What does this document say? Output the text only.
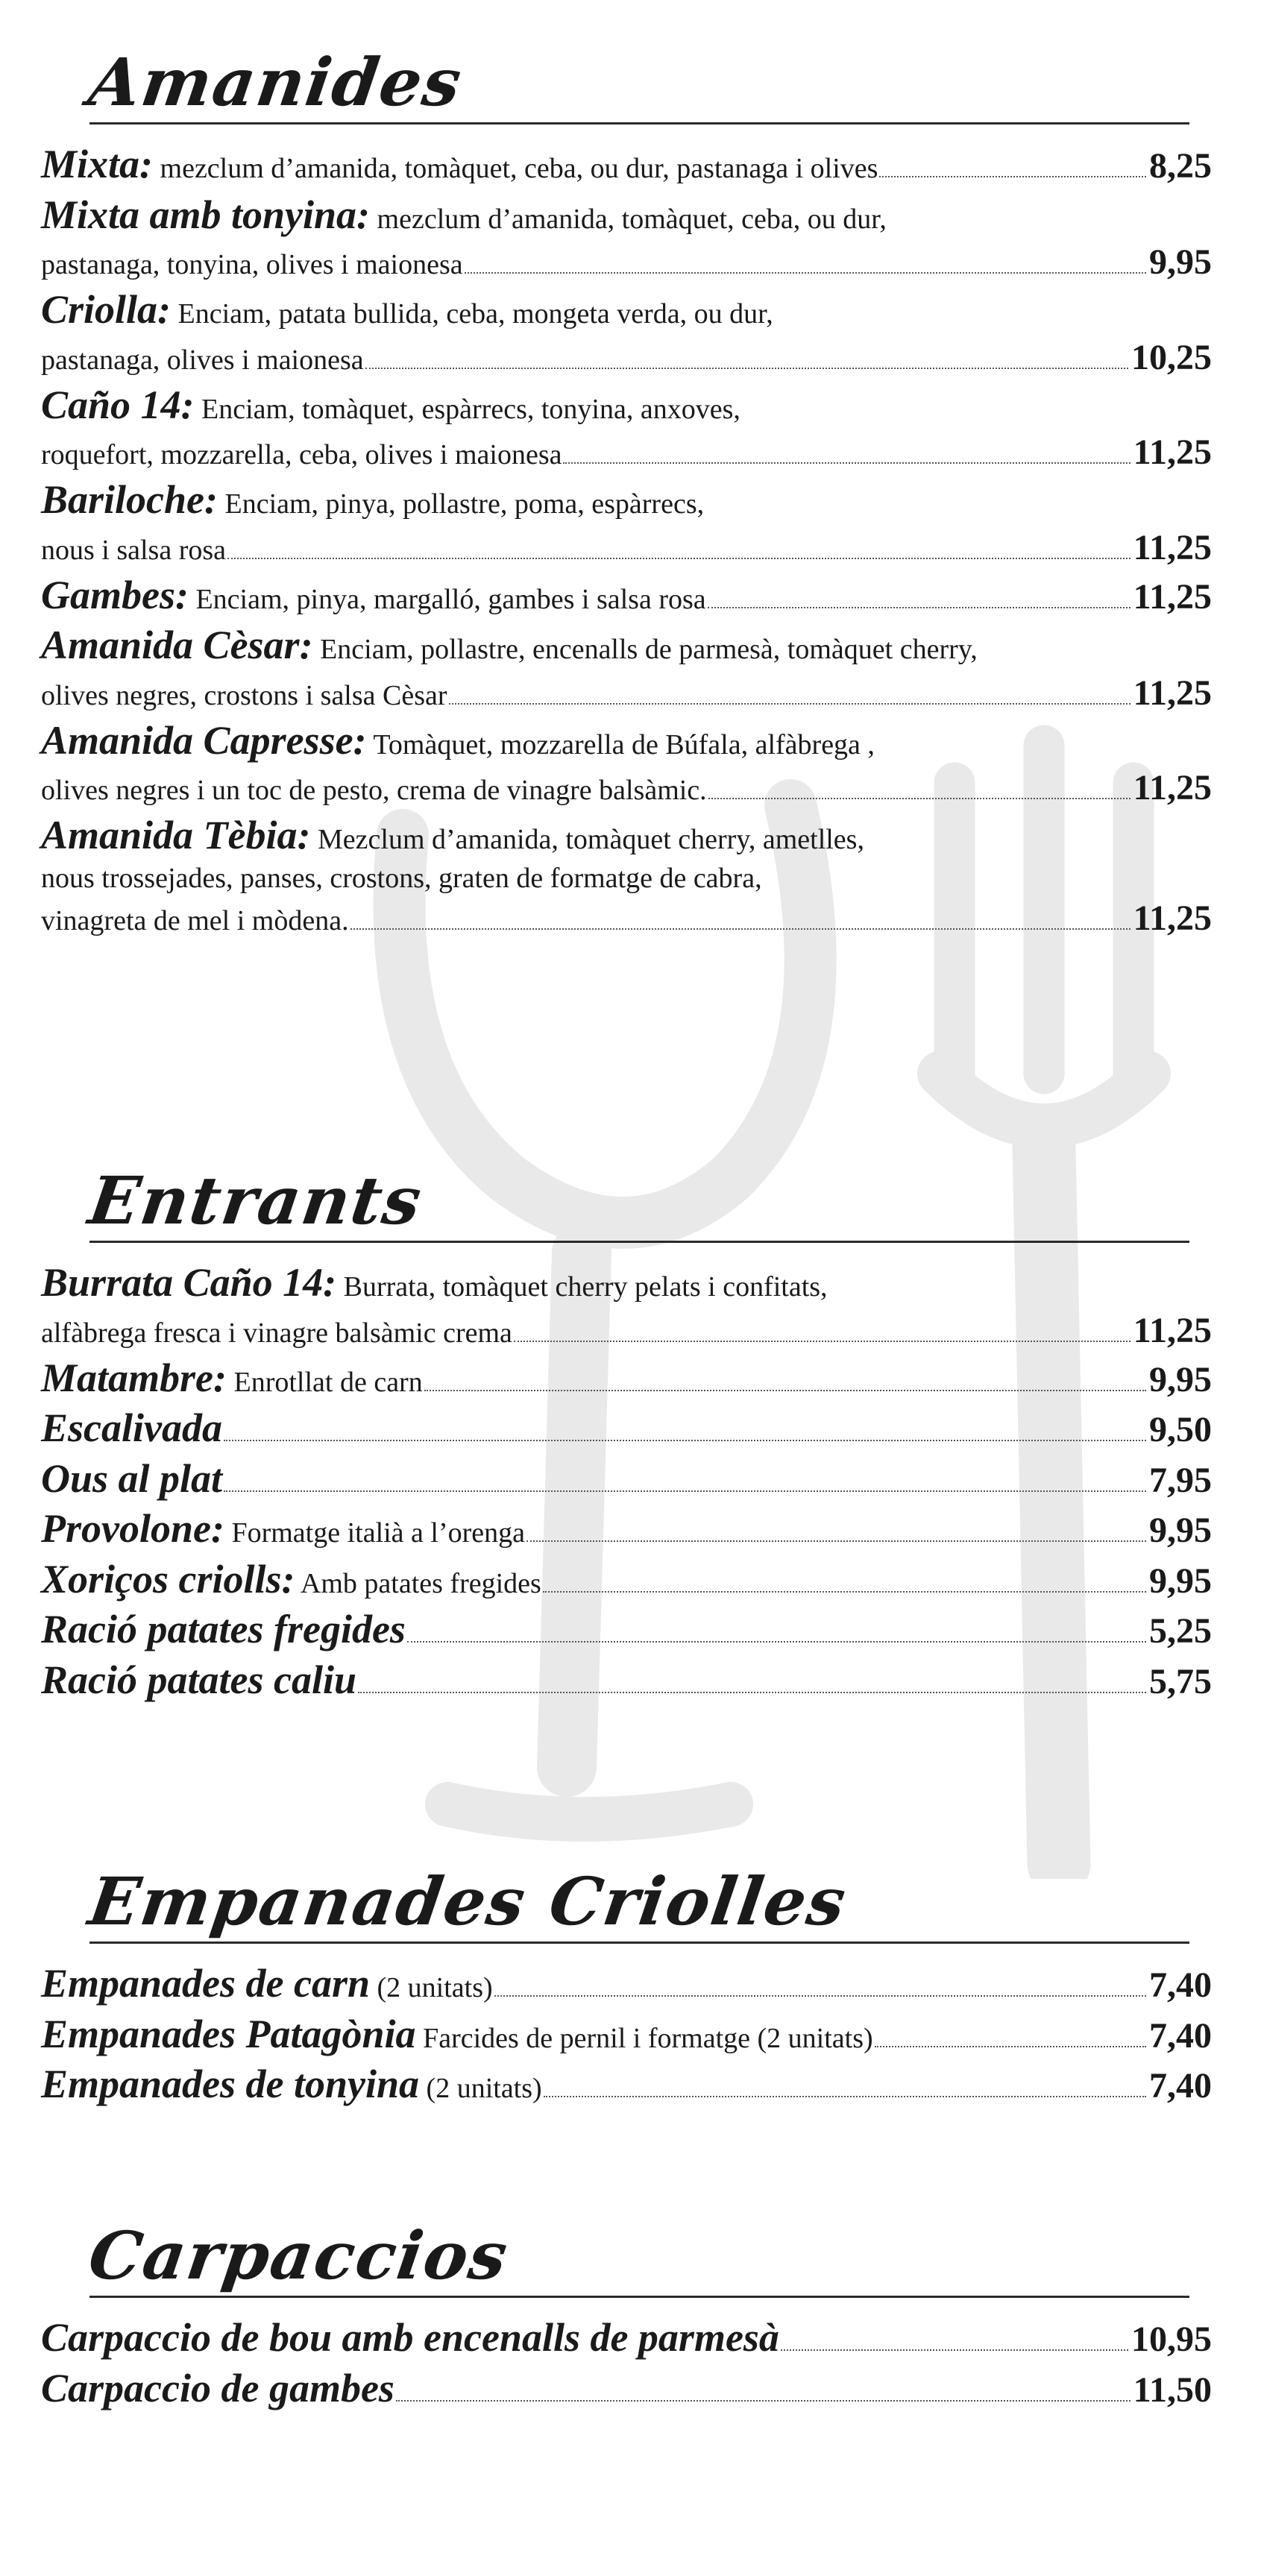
Amanides
Mixta: mezclum d’amanida, tomàquet, ceba, ou dur, pastanaga i olives	8,25
Mixta amb tonyina: mezclum d’amanida, tomàquet, ceba, ou dur,
pastanaga, tonyina, olives i maionesa	9,95
Criolla: Enciam, patata bullida, ceba, mongeta verda, ou dur,
pastanaga, olives i maionesa	10,25
Caño 14: Enciam, tomàquet, espàrrecs, tonyina, anxoves,
roquefort, mozzarella, ceba, olives i maionesa	11,25
Bariloche: Enciam, pinya, pollastre, poma, espàrrecs,
nous i salsa rosa	11,25
Gambes: Enciam, pinya, margalló, gambes i salsa rosa	11,25
Amanida Cèsar: Enciam, pollastre, encenalls de parmesà, tomàquet cherry,
olives negres, crostons i salsa Cèsar	11,25
Amanida Capresse: Tomàquet, mozzarella de Búfala, alfàbrega ,
olives negres i un toc de pesto, crema de vinagre balsàmic.	11,25
Amanida Tèbia: Mezclum d’amanida, tomàquet cherry, ametlles,
nous trossejades, panses, crostons, graten de formatge de cabra,
vinagreta de mel i mòdena.	11,25
Entrants
Burrata Caño 14: Burrata, tomàquet cherry pelats i confitats,
alfàbrega fresca i vinagre balsàmic crema	11,25
Matambre: Enrotllat de carn	9,95
Escalivada	9,50
Ous al plat	7,95
Provolone: Formatge italià a l’orenga	9,95
Xoriços criolls: Amb patates fregides	9,95
Ració patates fregides	5,25
Ració patates caliu	5,75
Empanades Criolles
Empanades de carn (2 unitats)	7,40
Empanades Patagònia Farcides de pernil i formatge (2 unitats)	7,40
Empanades de tonyina (2 unitats)	7,40
Carpaccios
Carpaccio de bou amb encenalls de parmesà	10,95
Carpaccio de gambes	11,50
